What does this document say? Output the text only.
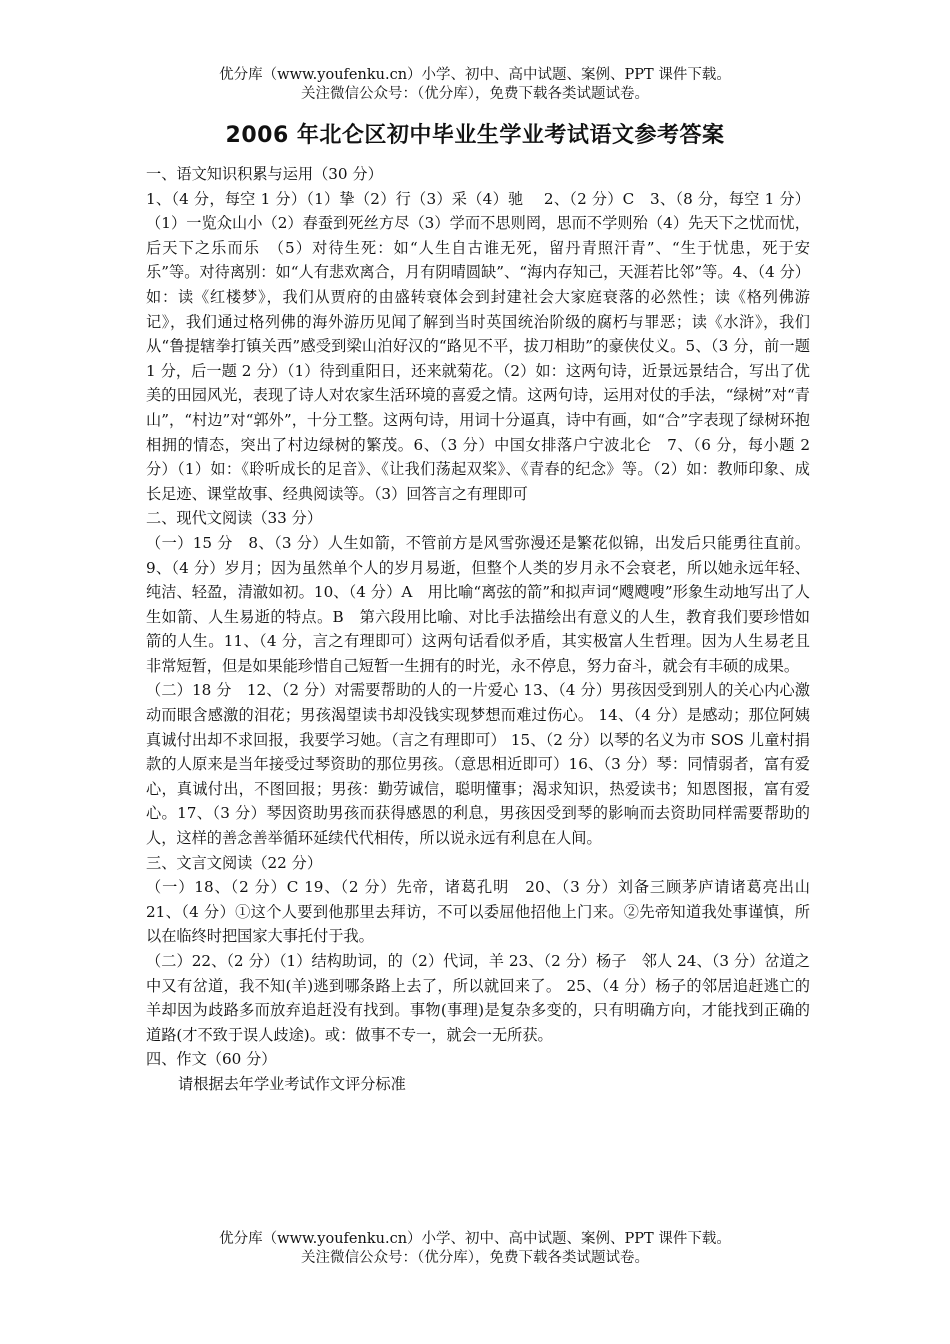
优分库（www.youfenku.cn）小学、初中、高中试题、案例、PPT 课件下载。
关注微信公众号：（优分库），免费下载各类试题试卷。
2006 年北仑区初中毕业生学业考试语文参考答案

一、语文知识积累与运用（30 分）

1、（4 分，每空 1 分）（1）挚（2）行（3）采（4）驰　 2、（2 分）C　3、（8 分，每空 1 分）（1）一览众山小（2）春蚕到死丝方尽（3）学而不思则罔，思而不学则殆（4）先天下之忧而忧，后天下之乐而乐　（5）对待生死：如“人生自古谁无死，留丹青照汗青”、“生于忧患，死于安乐”等。对待离别：如“人有悲欢离合，月有阴晴圆缺”、“海内存知己，天涯若比邻”等。4、（4 分）如：读《红楼梦》，我们从贾府的由盛转衰体会到封建社会大家庭衰落的必然性；读《格列佛游记》，我们通过格列佛的海外游历见闻了解到当时英国统治阶级的腐朽与罪恶；读《水浒》，我们从“鲁提辖拳打镇关西”感受到梁山泊好汉的“路见不平，拔刀相助”的豪侠仗义。5、（3 分，前一题 1 分，后一题 2 分）（1）待到重阳日，还来就菊花。（2）如：这两句诗，近景远景结合，写出了优美的田园风光，表现了诗人对农家生活环境的喜爱之情。这两句诗，运用对仗的手法，“绿树”对“青山”，“村边”对“郭外”，十分工整。这两句诗，用词十分逼真，诗中有画，如“合”字表现了绿树环抱相拥的情态，突出了村边绿树的繁茂。6、（3 分）中国女排落户宁波北仑　7、（6 分，每小题 2 分）（1）如：《聆听成长的足音》、《让我们荡起双桨》、《青春的纪念》等。（2）如：教师印象、成长足迹、课堂故事、经典阅读等。（3）回答言之有理即可

二、现代文阅读（33 分）

（一）15 分　8、（3 分）人生如箭，不管前方是风雪弥漫还是繁花似锦，出发后只能勇往直前。 9、（4 分）岁月；因为虽然单个人的岁月易逝，但整个人类的岁月永不会衰老，所以她永远年轻、纯洁、轻盈，清澈如初。10、（4 分）A　用比喻“离弦的箭”和拟声词“飕飕嗖”形象生动地写出了人生如箭、人生易逝的特点。B　第六段用比喻、对比手法描绘出有意义的人生，教育我们要珍惜如箭的人生。11、（4 分，言之有理即可）这两句话看似矛盾，其实极富人生哲理。因为人生易老且非常短暂，但是如果能珍惜自己短暂一生拥有的时光，永不停息，努力奋斗，就会有丰硕的成果。

（二）18 分　12、（2 分）对需要帮助的人的一片爱心 13、（4 分）男孩因受到别人的关心内心激动而眼含感激的泪花；男孩渴望读书却没钱实现梦想而难过伤心。 14、（4 分）是感动；那位阿姨真诚付出却不求回报，我要学习她。（言之有理即可） 15、（2 分）以琴的名义为市 SOS 儿童村捐款的人原来是当年接受过琴资助的那位男孩。（意思相近即可）16、（3 分）琴：同情弱者，富有爱心，真诚付出，不图回报；男孩：勤劳诚信，聪明懂事；渴求知识，热爱读书；知恩图报，富有爱心。17、（3 分）琴因资助男孩而获得感恩的利息，男孩因受到琴的影响而去资助同样需要帮助的人，这样的善念善举循环延续代代相传，所以说永远有利息在人间。

三、文言文阅读（22 分）

（一）18、（2 分）C 19、（2 分）先帝，诸葛孔明　20、（3 分）刘备三顾茅庐请诸葛亮出山 21、（4 分）①这个人要到他那里去拜访，不可以委屈他招他上门来。②先帝知道我处事谨慎，所以在临终时把国家大事托付于我。

（二）22、（2 分）（1）结构助词，的（2）代词，羊 23、（2 分）杨子　邻人 24、（3 分）岔道之中又有岔道，我不知(羊)逃到哪条路上去了，所以就回来了。 25、（4 分）杨子的邻居追赶逃亡的羊却因为歧路多而放弃追赶没有找到。事物(事理)是复杂多变的，只有明确方向，才能找到正确的道路(才不致于误人歧途)。或：做事不专一，就会一无所获。

四、作文（60 分）

请根据去年学业考试作文评分标准

优分库（www.youfenku.cn）小学、初中、高中试题、案例、PPT 课件下载。
关注微信公众号：（优分库），免费下载各类试题试卷。
